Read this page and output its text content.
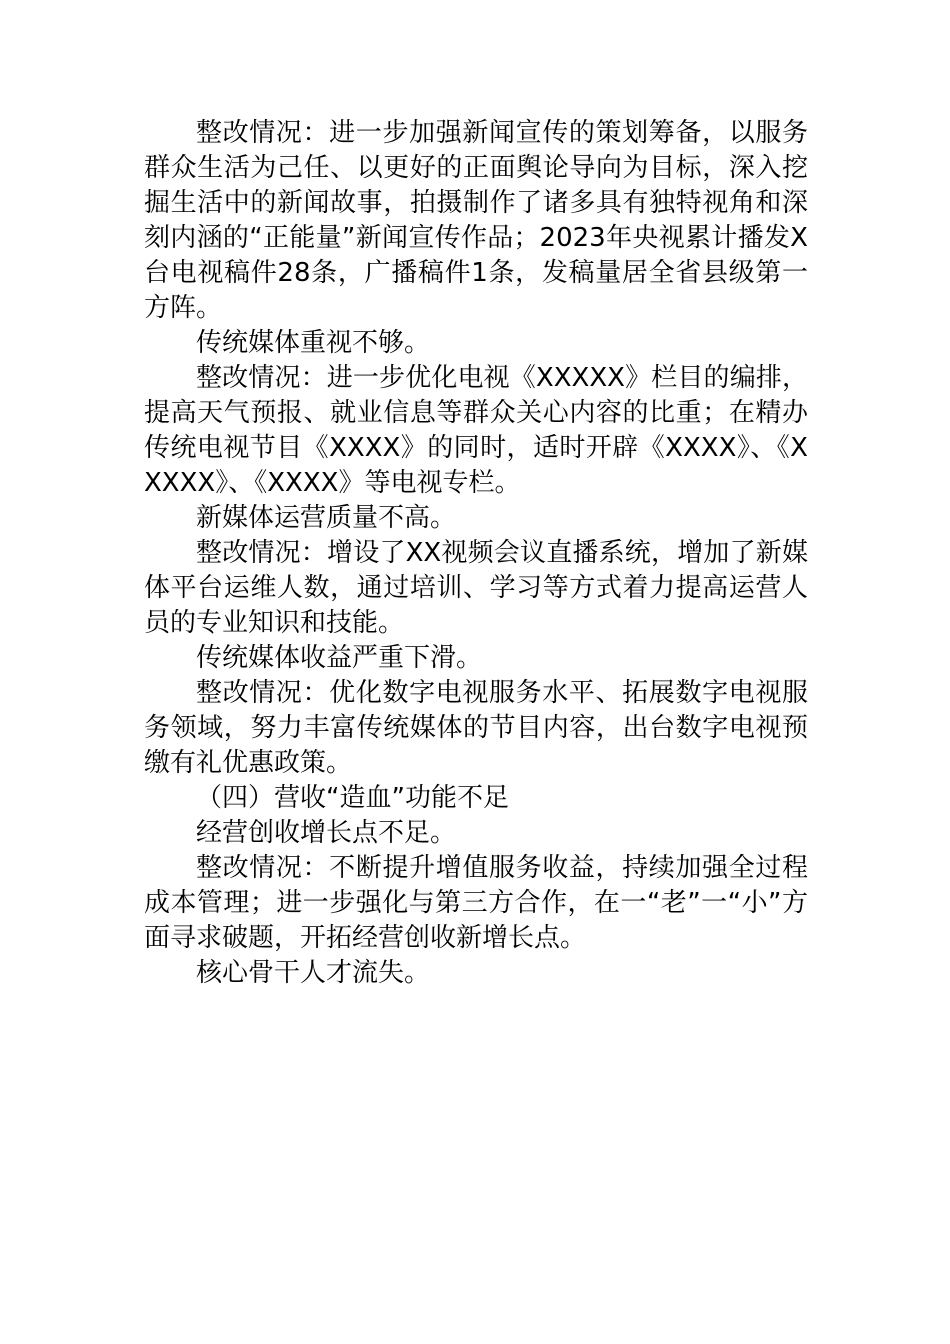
整改情况：进一步加强新闻宣传的策划筹备，以服务群众生活为己任、以更好的正面舆论导向为目标，深入挖掘生活中的新闻故事，拍摄制作了诸多具有独特视角和深刻内涵的“正能量”新闻宣传作品；2023年央视累计播发X台电视稿件28条，广播稿件1条，发稿量居全省县级第一方阵。

传统媒体重视不够。

整改情况：进一步优化电视《XXXXX》栏目的编排，提高天气预报、就业信息等群众关心内容的比重；在精办传统电视节目《XXXX》的同时，适时开辟《XXXX》、《XXXXX》、《XXXX》等电视专栏。

新媒体运营质量不高。

整改情况：增设了XX视频会议直播系统，增加了新媒体平台运维人数，通过培训、学习等方式着力提高运营人员的专业知识和技能。

传统媒体收益严重下滑。

整改情况：优化数字电视服务水平、拓展数字电视服务领域，努力丰富传统媒体的节目内容，出台数字电视预缴有礼优惠政策。

（四）营收“造血”功能不足

经营创收增长点不足。

整改情况：不断提升增值服务收益，持续加强全过程成本管理；进一步强化与第三方合作，在一“老”一“小”方面寻求破题，开拓经营创收新增长点。

核心骨干人才流失。
